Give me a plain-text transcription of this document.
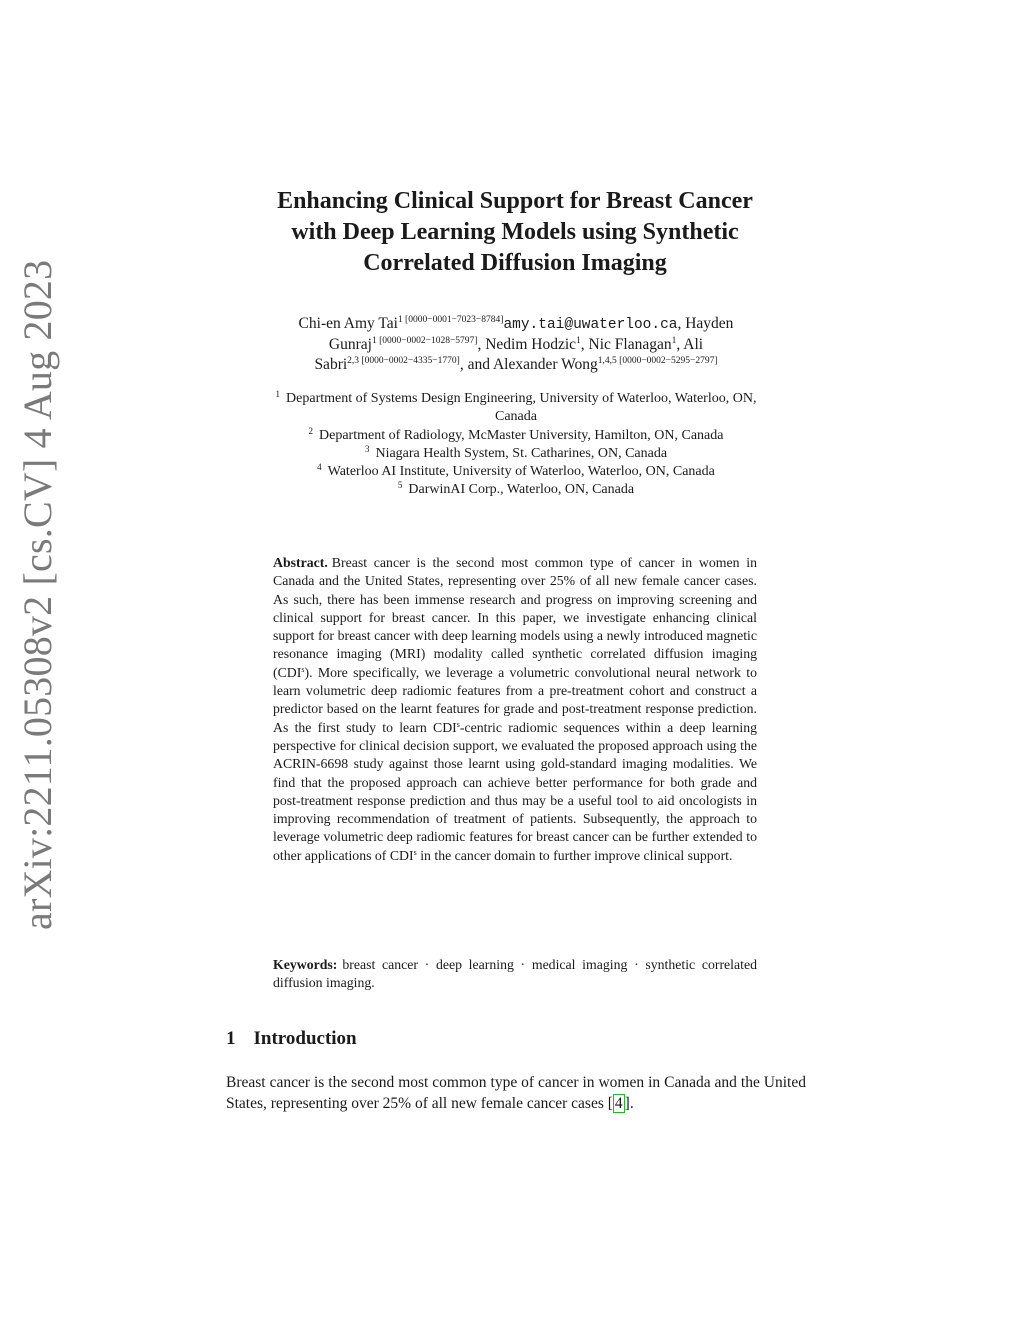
arXiv:2211.05308v2 [cs.CV] 4 Aug 2023
Enhancing Clinical Support for Breast Cancer
with Deep Learning Models using Synthetic
Correlated Diffusion Imaging
Chi-en Amy Tai$^{1 [0000-0001-7023-8784]}$amy.tai@uwaterloo.ca, Hayden
Gunraj$^{1 [0000-0002-1028-5797]}$, Nedim Hodzic$^1$, Nic Flanagan$^1$, Ali
Sabri$^{2,3 [0000-0002-4335-1770]}$, and Alexander Wong$^{1,4,5 [0000-0002-5295-2797]}$
$^1$ Department of Systems Design Engineering, University of Waterloo, Waterloo, ON,
Canada
$^2$ Department of Radiology, McMaster University, Hamilton, ON, Canada
$^3$ Niagara Health System, St. Catharines, ON, Canada
$^4$ Waterloo AI Institute, University of Waterloo, Waterloo, ON, Canada
$^5$ DarwinAI Corp., Waterloo, ON, Canada
Abstract. Breast cancer is the second most common type of cancer in women in Canada and the United States, representing over 25% of all new female cancer cases. As such, there has been immense research and progress on improving screening and clinical support for breast cancer. In this paper, we investigate enhancing clinical support for breast cancer with deep learning models using a newly introduced magnetic resonance imaging (MRI) modality called synthetic correlated diffusion imaging (CDI$^s$). More specifically, we leverage a volumetric convolutional neural network to learn volumetric deep radiomic features from a pre-treatment cohort and construct a predictor based on the learnt features for grade and post-treatment response prediction. As the first study to learn CDI$^s$-centric radiomic sequences within a deep learning perspective for clinical decision support, we evaluated the proposed approach using the ACRIN-6698 study against those learnt using gold-standard imaging modalities. We find that the proposed approach can achieve better performance for both grade and post-treatment response prediction and thus may be a useful tool to aid oncologists in improving recommendation of treatment of patients. Subsequently, the approach to leverage volumetric deep radiomic features for breast cancer can be further extended to other applications of CDI$^s$ in the cancer domain to further improve clinical support.
Keywords: breast cancer · deep learning · medical imaging · synthetic correlated diffusion imaging.
1 Introduction
Breast cancer is the second most common type of cancer in women in Canada and the United States, representing over 25% of all new female cancer cases [ 4 ].
